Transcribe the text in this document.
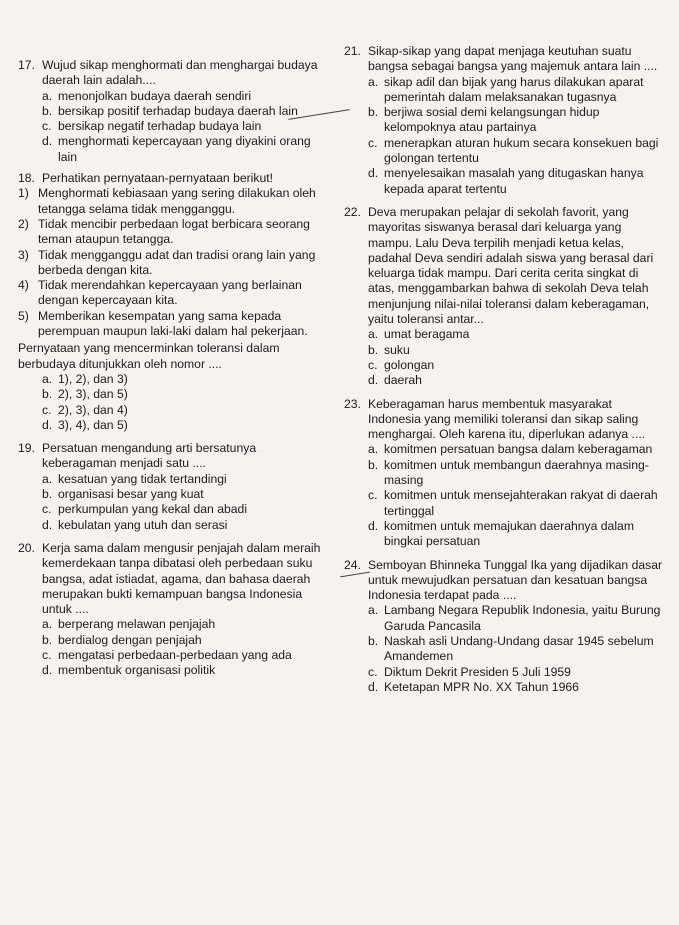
17. Wujud sikap menghormati dan menghargai budaya daerah lain adalah....
a. menonjolkan budaya daerah sendiri
b. bersikap positif terhadap budaya daerah lain
c. bersikap negatif terhadap budaya lain
d. menghormati kepercayaan yang diyakini orang lain
18. Perhatikan pernyataan-pernyataan berikut!
1) Menghormati kebiasaan yang sering dilakukan oleh tetangga selama tidak mengganggu.
2) Tidak mencibir perbedaan logat berbicara seorang teman ataupun tetangga.
3) Tidak mengganggu adat dan tradisi orang lain yang berbeda dengan kita.
4) Tidak merendahkan kepercayaan yang berlainan dengan kepercayaan kita.
5) Memberikan kesempatan yang sama kepada perempuan maupun laki-laki dalam hal pekerjaan.
Pernyataan yang mencerminkan toleransi dalam berbudaya ditunjukkan oleh nomor ....
a. 1), 2), dan 3)
b. 2), 3), dan 5)
c. 2), 3), dan 4)
d. 3), 4), dan 5)
19. Persatuan mengandung arti bersatunya keberagaman menjadi satu ....
a. kesatuan yang tidak tertandingi
b. organisasi besar yang kuat
c. perkumpulan yang kekal dan abadi
d. kebulatan yang utuh dan serasi
20. Kerja sama dalam mengusir penjajah dalam meraih kemerdekaan tanpa dibatasi oleh perbedaan suku bangsa, adat istiadat, agama, dan bahasa daerah merupakan bukti kemampuan bangsa Indonesia untuk ....
a. berperang melawan penjajah
b. berdialog dengan penjajah
c. mengatasi perbedaan-perbedaan yang ada
d. membentuk organisasi politik
21. Sikap-sikap yang dapat menjaga keutuhan suatu bangsa sebagai bangsa yang majemuk antara lain ....
a. sikap adil dan bijak yang harus dilakukan aparat pemerintah dalam melaksanakan tugasnya
b. berjiwa sosial demi kelangsungan hidup kelompoknya atau partainya
c. menerapkan aturan hukum secara konsekuen bagi golongan tertentu
d. menyelesaikan masalah yang ditugaskan hanya kepada aparat tertentu
22. Deva merupakan pelajar di sekolah favorit, yang mayoritas siswanya berasal dari keluarga yang mampu. Lalu Deva terpilih menjadi ketua kelas, padahal Deva sendiri adalah siswa yang berasal dari keluarga tidak mampu. Dari cerita cerita singkat di atas, menggambarkan bahwa di sekolah Deva telah menjunjung nilai-nilai toleransi dalam keberagaman, yaitu toleransi antar...
a. umat beragama
b. suku
c. golongan
d. daerah
23. Keberagaman harus membentuk masyarakat Indonesia yang memiliki toleransi dan sikap saling menghargai. Oleh karena itu, diperlukan adanya ....
a. komitmen persatuan bangsa dalam keberagaman
b. komitmen untuk membangun daerahnya masing-masing
c. komitmen untuk mensejahterakan rakyat di daerah tertinggal
d. komitmen untuk memajukan daerahnya dalam bingkai persatuan
24. Semboyan Bhinneka Tunggal Ika yang dijadikan dasar untuk mewujudkan persatuan dan kesatuan bangsa Indonesia terdapat pada ....
a. Lambang Negara Republik Indonesia, yaitu Burung Garuda Pancasila
b. Naskah asli Undang-Undang dasar 1945 sebelum Amandemen
c. Diktum Dekrit Presiden 5 Juli 1959
d. Ketetapan MPR No. XX Tahun 1966
